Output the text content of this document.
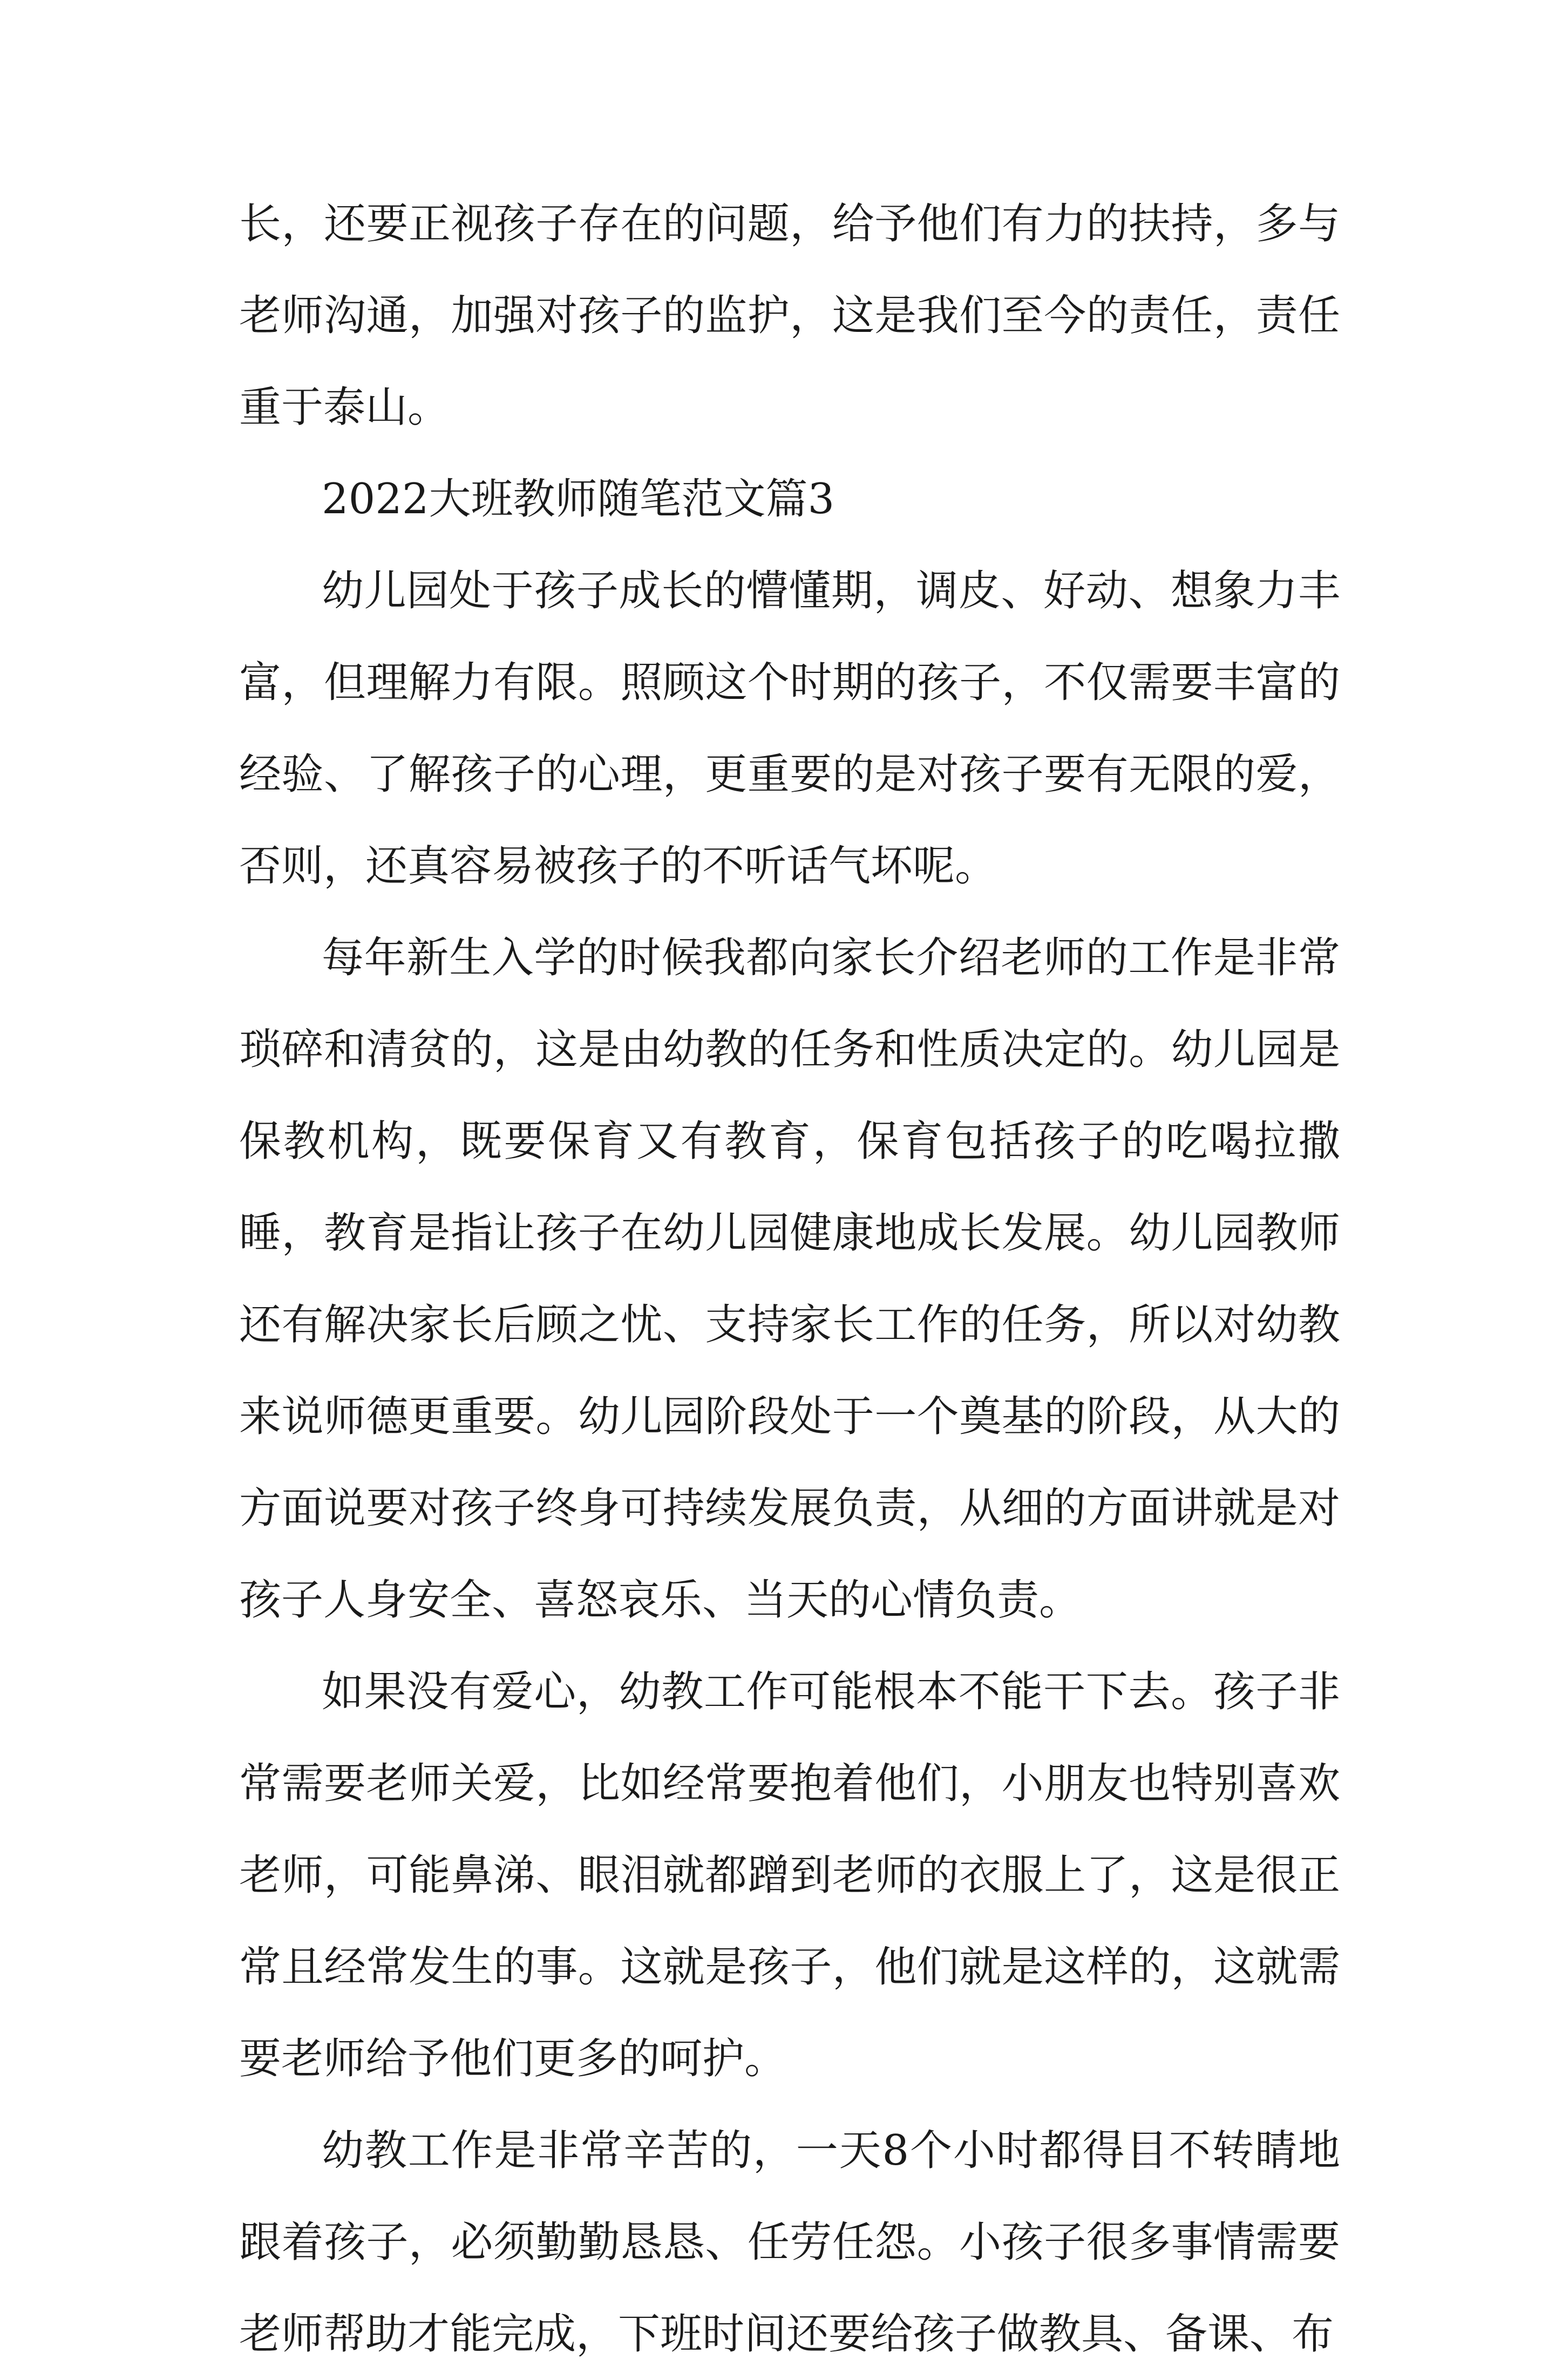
长，还要正视孩子存在的问题，给予他们有力的扶持，多与老师沟通，加强对孩子的监护，这是我们至今的责任，责任重于泰山。

2022大班教师随笔范文篇3

幼儿园处于孩子成长的懵懂期，调皮、好动、想象力丰富，但理解力有限。照顾这个时期的孩子，不仅需要丰富的经验、了解孩子的心理，更重要的是对孩子要有无限的爱，否则，还真容易被孩子的不听话气坏呢。

每年新生入学的时候我都向家长介绍老师的工作是非常琐碎和清贫的，这是由幼教的任务和性质决定的。幼儿园是保教机构，既要保育又有教育，保育包括孩子的吃喝拉撒睡，教育是指让孩子在幼儿园健康地成长发展。幼儿园教师还有解决家长后顾之忧、支持家长工作的任务，所以对幼教来说师德更重要。幼儿园阶段处于一个奠基的阶段，从大的方面说要对孩子终身可持续发展负责，从细的方面讲就是对孩子人身安全、喜怒哀乐、当天的心情负责。

如果没有爱心，幼教工作可能根本不能干下去。孩子非常需要老师关爱，比如经常要抱着他们，小朋友也特别喜欢老师，可能鼻涕、眼泪就都蹭到老师的衣服上了，这是很正常且经常发生的事。这就是孩子，他们就是这样的，这就需要老师给予他们更多的呵护。

幼教工作是非常辛苦的，一天8个小时都得目不转睛地跟着孩子，必须勤勤恳恳、任劳任怨。小孩子很多事情需要老师帮助才能完成，下班时间还要给孩子做教具、备课、布
